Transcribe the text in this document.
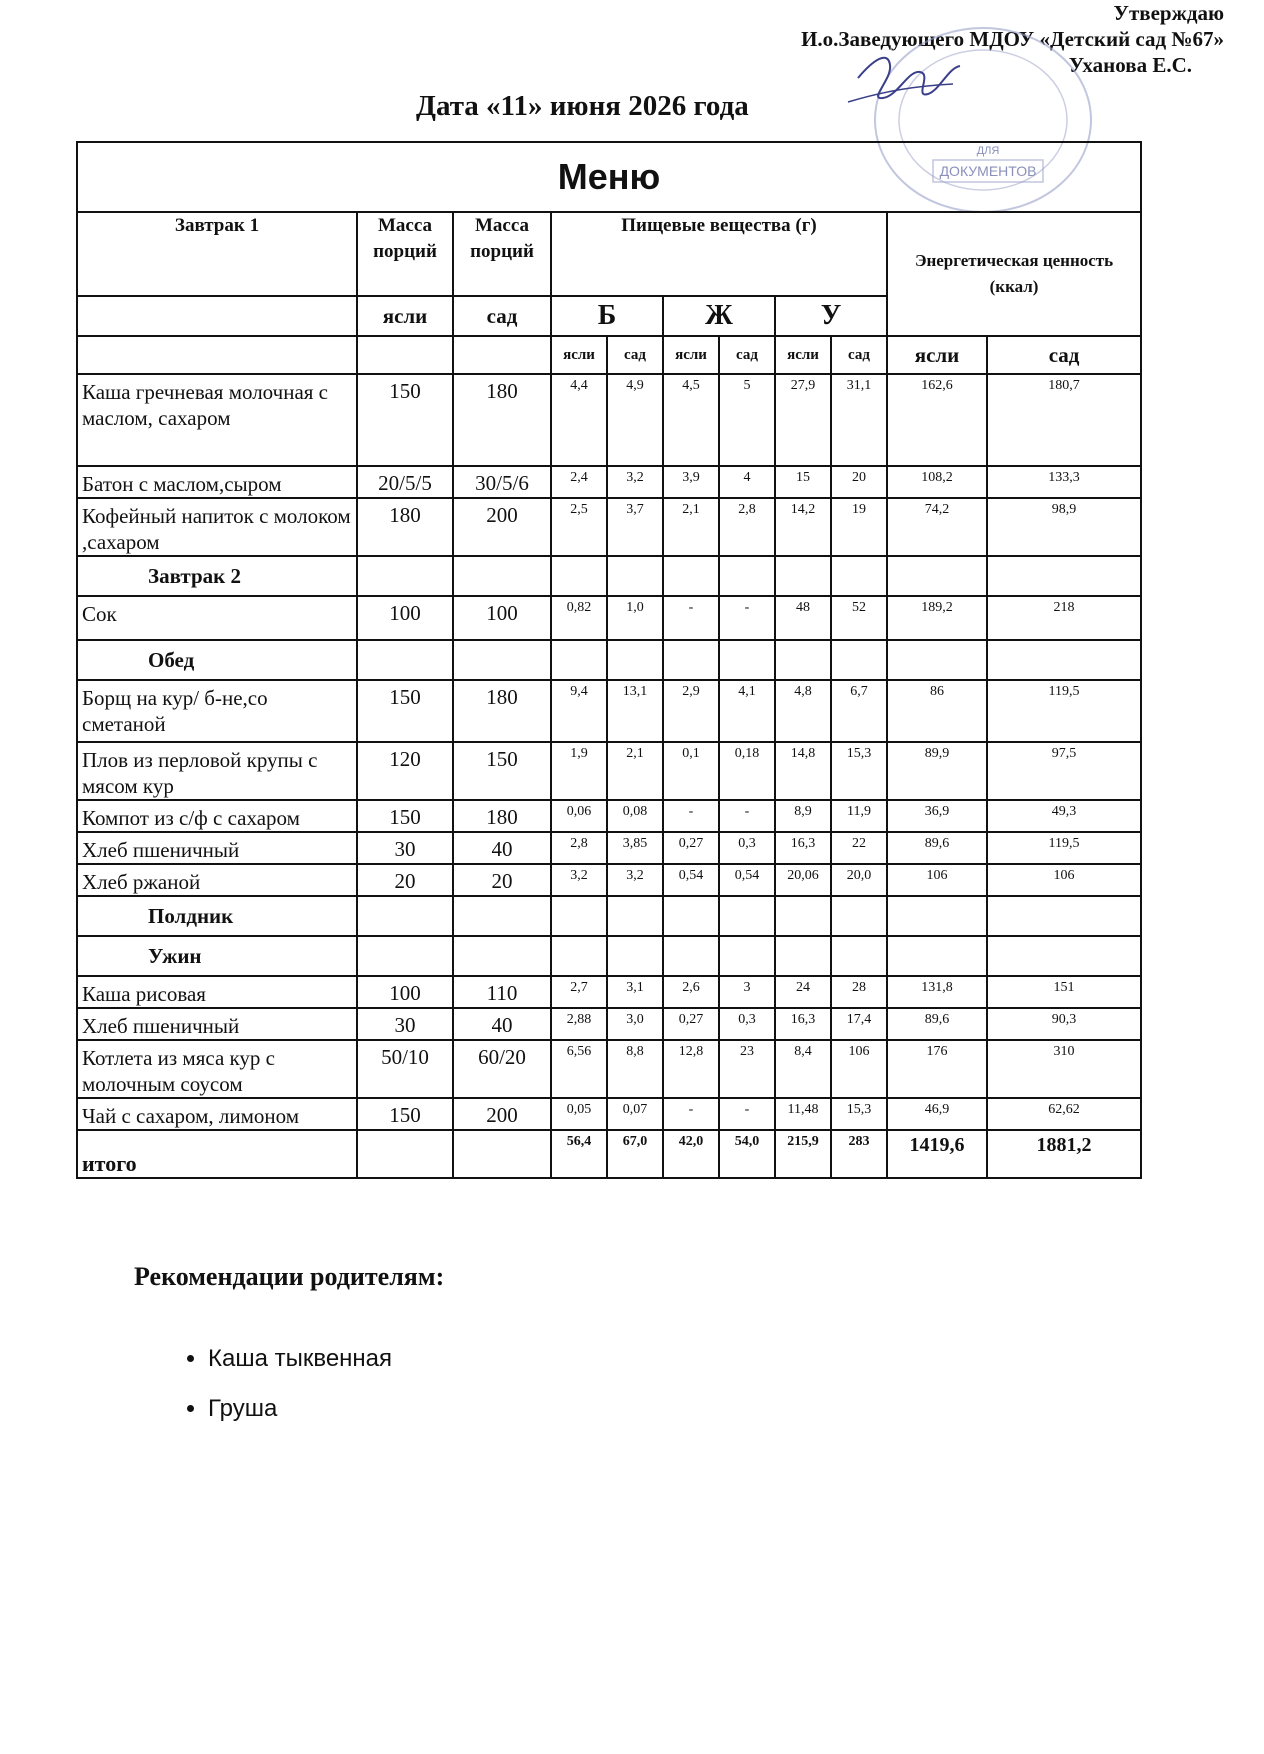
Утверждаю
И.о.Заведующего МДОУ «Детский сад №67»
Уханова Е.С.
ДОКУМЕНТОВ
ДЛЯ
Дата «11» июня 2026 года
Меню										
Завтрак 1	Масса порций	Масса порций	Пищевые вещества (г)						Энергетическая ценность (ккал)	
	ясли	сад	Б		Ж		У			
			ясли	сад	ясли	сад	ясли	сад	ясли	сад
Каша гречневая молочная с маслом, сахаром	150	180	4,4	4,9	4,5	5	27,9	31,1	162,6	180,7
Батон с маслом,сыром	20/5/5	30/5/6	2,4	3,2	3,9	4	15	20	108,2	133,3
Кофейный напиток с молоком ,сахаром	180	200	2,5	3,7	2,1	2,8	14,2	19	74,2	98,9
Завтрак 2										
Сок	100	100	0,82	1,0	-	-	48	52	189,2	218
Обед										
Борщ на кур/ б-не,со сметаной	150	180	9,4	13,1	2,9	4,1	4,8	6,7	86	119,5
Плов из перловой крупы с мясом кур	120	150	1,9	2,1	0,1	0,18	14,8	15,3	89,9	97,5
Компот из с/ф с сахаром	150	180	0,06	0,08	-	-	8,9	11,9	36,9	49,3
Хлеб пшеничный	30	40	2,8	3,85	0,27	0,3	16,3	22	89,6	119,5
Хлеб ржаной	20	20	3,2	3,2	0,54	0,54	20,06	20,0	106	106
Полдник										
Ужин										
Каша рисовая	100	110	2,7	3,1	2,6	3	24	28	131,8	151
Хлеб пшеничный	30	40	2,88	3,0	0,27	0,3	16,3	17,4	89,6	90,3
Котлета из мяса кур с молочным соусом	50/10	60/20	6,56	8,8	12,8	23	8,4	106	176	310
Чай с сахаром, лимоном	150	200	0,05	0,07	-	-	11,48	15,3	46,9	62,62
итого			56,4	67,0	42,0	54,0	215,9	283	1419,6	1881,2
Рекомендации родителям:
• Каша тыквенная
• Груша
